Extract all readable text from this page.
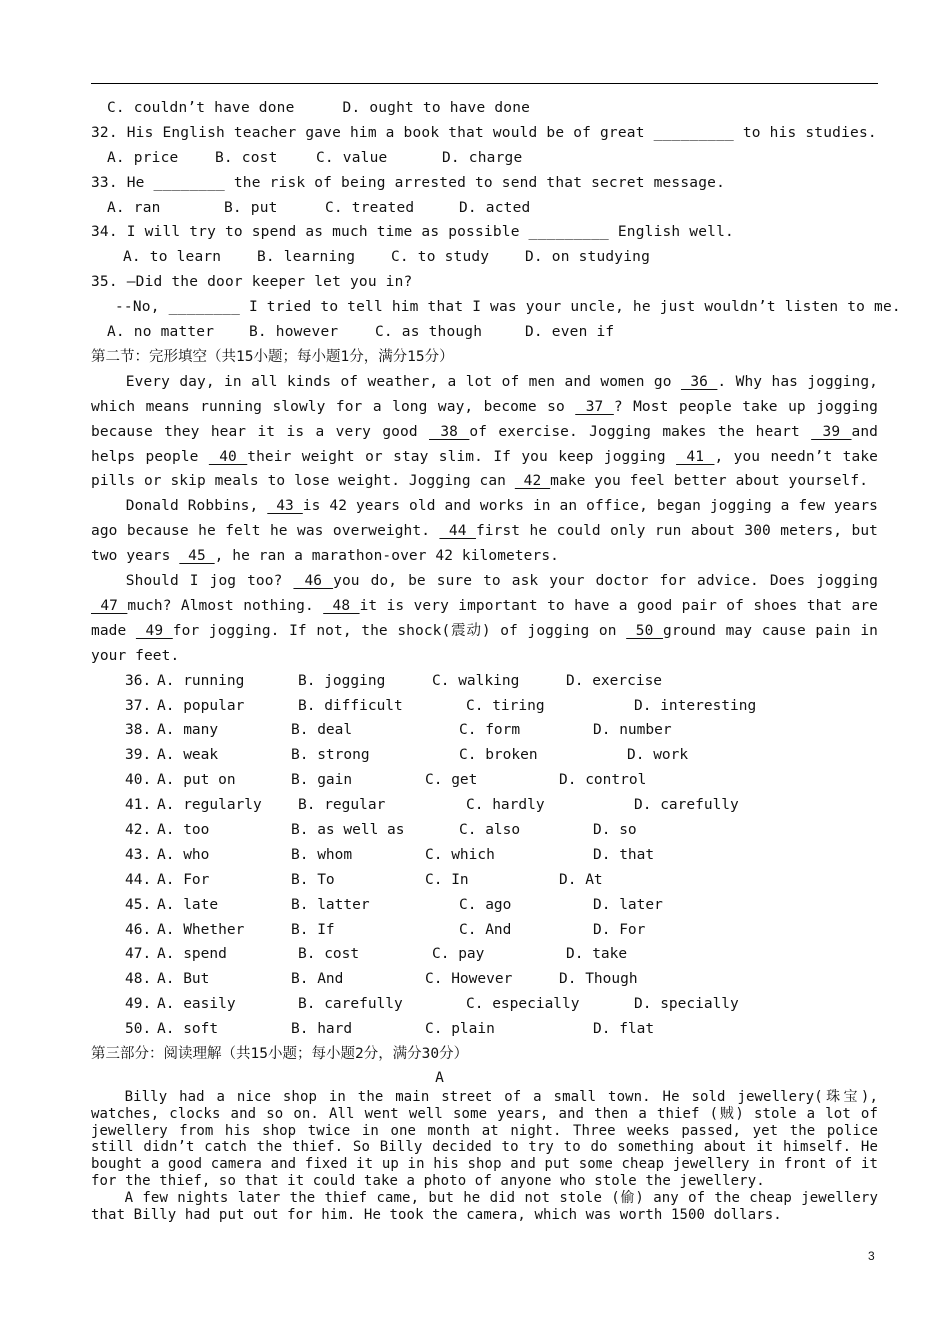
C. couldn’t have done	D. ought to have done
32. His English teacher gave him a book that would be of great _________ to his studies.
A. price	B. cost	C. value	D. charge
33. He ________ the risk of being arrested to send that secret message.
A. ran	B. put	C. treated	D. acted
34. I will try to spend as much time as possible _________ English well.
A. to learn B. learning C. to study D. on studying
35. –Did the door keeper let you in?
--No, ________ I tried to tell him that I was your uncle, he just wouldn’t listen to me.
A. no matter B. however	C. as though	D. even if
第二节：完形填空（共15小题；每小题1分，满分15分）
Every day, in all kinds of weather, a lot of men and women go  36 . Why has jogging, which means running slowly for a long way, become so  37 ? Most people take up jogging because they hear it is a very good  38 of exercise. Jogging makes the heart  39 and helps people  40 their weight or stay slim. If you keep jogging  41 , you needn’t take pills or skip meals to lose weight. Jogging can  42 make you feel better about yourself.
Donald Robbins,  43 is 42 years old and works in an office, began jogging a few years ago because he felt he was overweight.  44 first he could only run about 300 meters, but two years  45 , he ran a marathon-over 42 kilometers.
Should I jog too?  46 you do, be sure to ask your doctor for advice. Does jogging  47 much? Almost nothing.  48 it is very important to have a good pair of shoes that are made  49 for jogging. If not, the shock(震动) of jogging on  50 ground may cause pain in your feet.
36. A. running	B. jogging	C. walking	D. exercise
37. A. popular	B. difficult	C. tiring	D. interesting
38. A. many	B. deal	C. form	D. number
39. A. weak	B. strong	C. broken	D. work
40. A. put on	B. gain	C. get	D. control
41. A. regularly	B. regular	C. hardly	D. carefully
42. A. too	B. as well as	C. also	D. so
43. A. who	B. whom	C. which	D. that
44. A. For	B. To	C. In	D. At
45. A. late	B. latter	C. ago	D. later
46. A. Whether	B. If	C. And	D. For
47. A. spend	B. cost	C. pay	D. take
48. A. But	B. And	C. However	D. Though
49. A. easily	B. carefully	C. especially	D. specially
50. A. soft	B. hard	C. plain	D. flat
第三部分：阅读理解（共15小题；每小题2分，满分30分）
A
Billy had a nice shop in the main street of a small town. He sold jewellery(珠宝), watches, clocks and so on. All went well some years, and then a thief (贼) stole a lot of jewellery from his shop twice in one month at night. Three weeks passed, yet the police still didn’t catch the thief. So Billy decided to try to do something about it himself. He bought a good camera and fixed it up in his shop and put some cheap jewellery in front of it for the thief, so that it could take a photo of anyone who stole the jewellery.
A few nights later the thief came, but he did not stole (偷) any of the cheap jewellery that Billy had put out for him. He took the camera, which was worth 1500 dollars.
3
